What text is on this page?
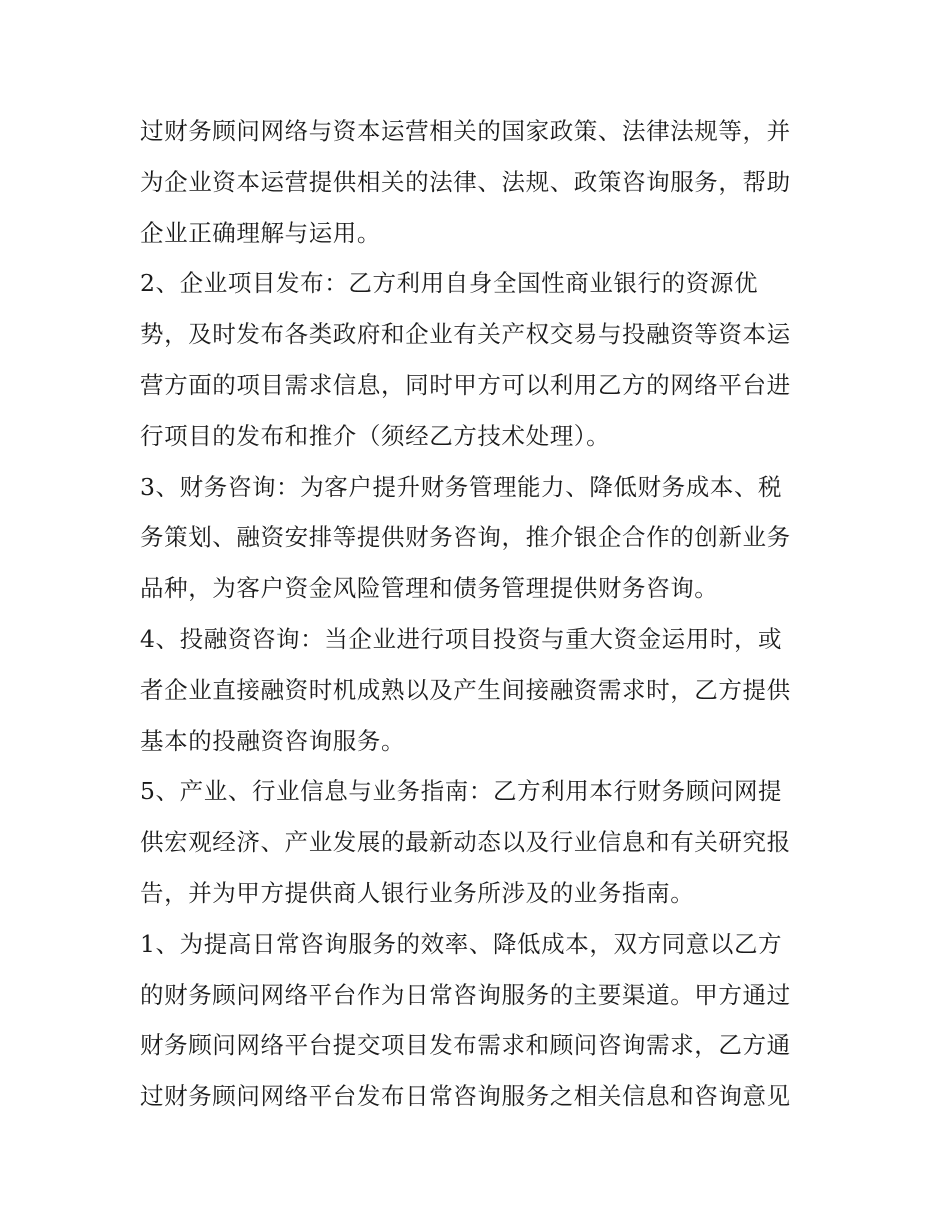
过财务顾问网络与资本运营相关的国家政策、法律法规等，并
为企业资本运营提供相关的法律、法规、政策咨询服务，帮助
企业正确理解与运用。
2、企业项目发布：乙方利用自身全国性商业银行的资源优
势，及时发布各类政府和企业有关产权交易与投融资等资本运
营方面的项目需求信息，同时甲方可以利用乙方的网络平台进
行项目的发布和推介（须经乙方技术处理）。
3、财务咨询：为客户提升财务管理能力、降低财务成本、税
务策划、融资安排等提供财务咨询，推介银企合作的创新业务
品种，为客户资金风险管理和债务管理提供财务咨询。
4、投融资咨询：当企业进行项目投资与重大资金运用时，或
者企业直接融资时机成熟以及产生间接融资需求时，乙方提供
基本的投融资咨询服务。
5、产业、行业信息与业务指南：乙方利用本行财务顾问网提
供宏观经济、产业发展的最新动态以及行业信息和有关研究报
告，并为甲方提供商人银行业务所涉及的业务指南。
1、为提高日常咨询服务的效率、降低成本，双方同意以乙方
的财务顾问网络平台作为日常咨询服务的主要渠道。甲方通过
财务顾问网络平台提交项目发布需求和顾问咨询需求，乙方通
过财务顾问网络平台发布日常咨询服务之相关信息和咨询意见
